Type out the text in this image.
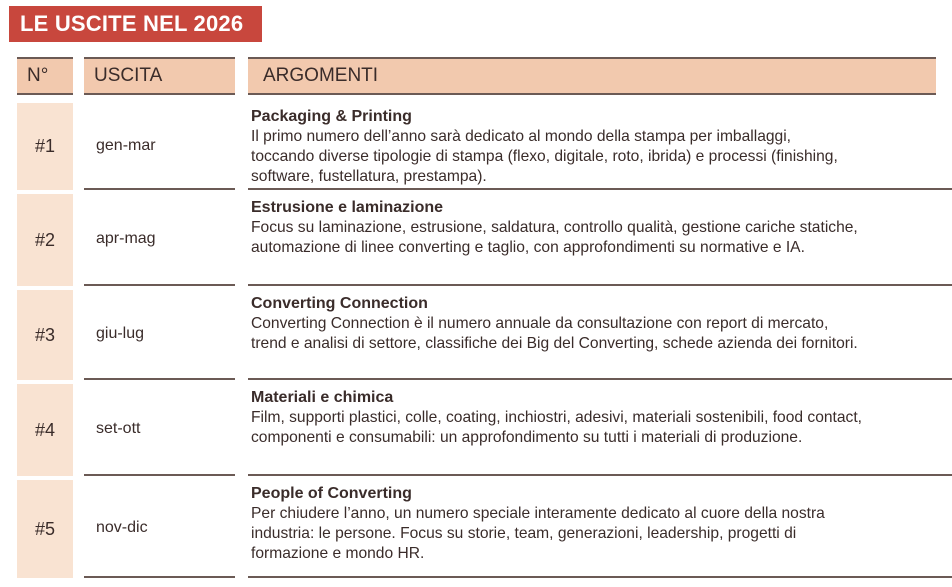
LE USCITE NEL 2026
N°	USCITA	ARGOMENTI
#1	gen-mar
Packaging & Printing
Il primo numero dell’anno sarà dedicato al mondo della stampa per imballaggi,
toccando diverse tipologie di stampa (flexo, digitale, roto, ibrida) e processi (finishing,
software, fustellatura, prestampa).
#2	apr-mag
Estrusione e laminazione
Focus su laminazione, estrusione, saldatura, controllo qualità, gestione cariche statiche,
automazione di linee converting e taglio, con approfondimenti su normative e IA.
#3	giu-lug
Converting Connection
Converting Connection è il numero annuale da consultazione con report di mercato,
trend e analisi di settore, classifiche dei Big del Converting, schede azienda dei fornitori.
#4	set-ott
Materiali e chimica
Film, supporti plastici, colle, coating, inchiostri, adesivi, materiali sostenibili, food contact,
componenti e consumabili: un approfondimento su tutti i materiali di produzione.
#5	nov-dic
People of Converting
Per chiudere l’anno, un numero speciale interamente dedicato al cuore della nostra
industria: le persone. Focus su storie, team, generazioni, leadership, progetti di
formazione e mondo HR.
